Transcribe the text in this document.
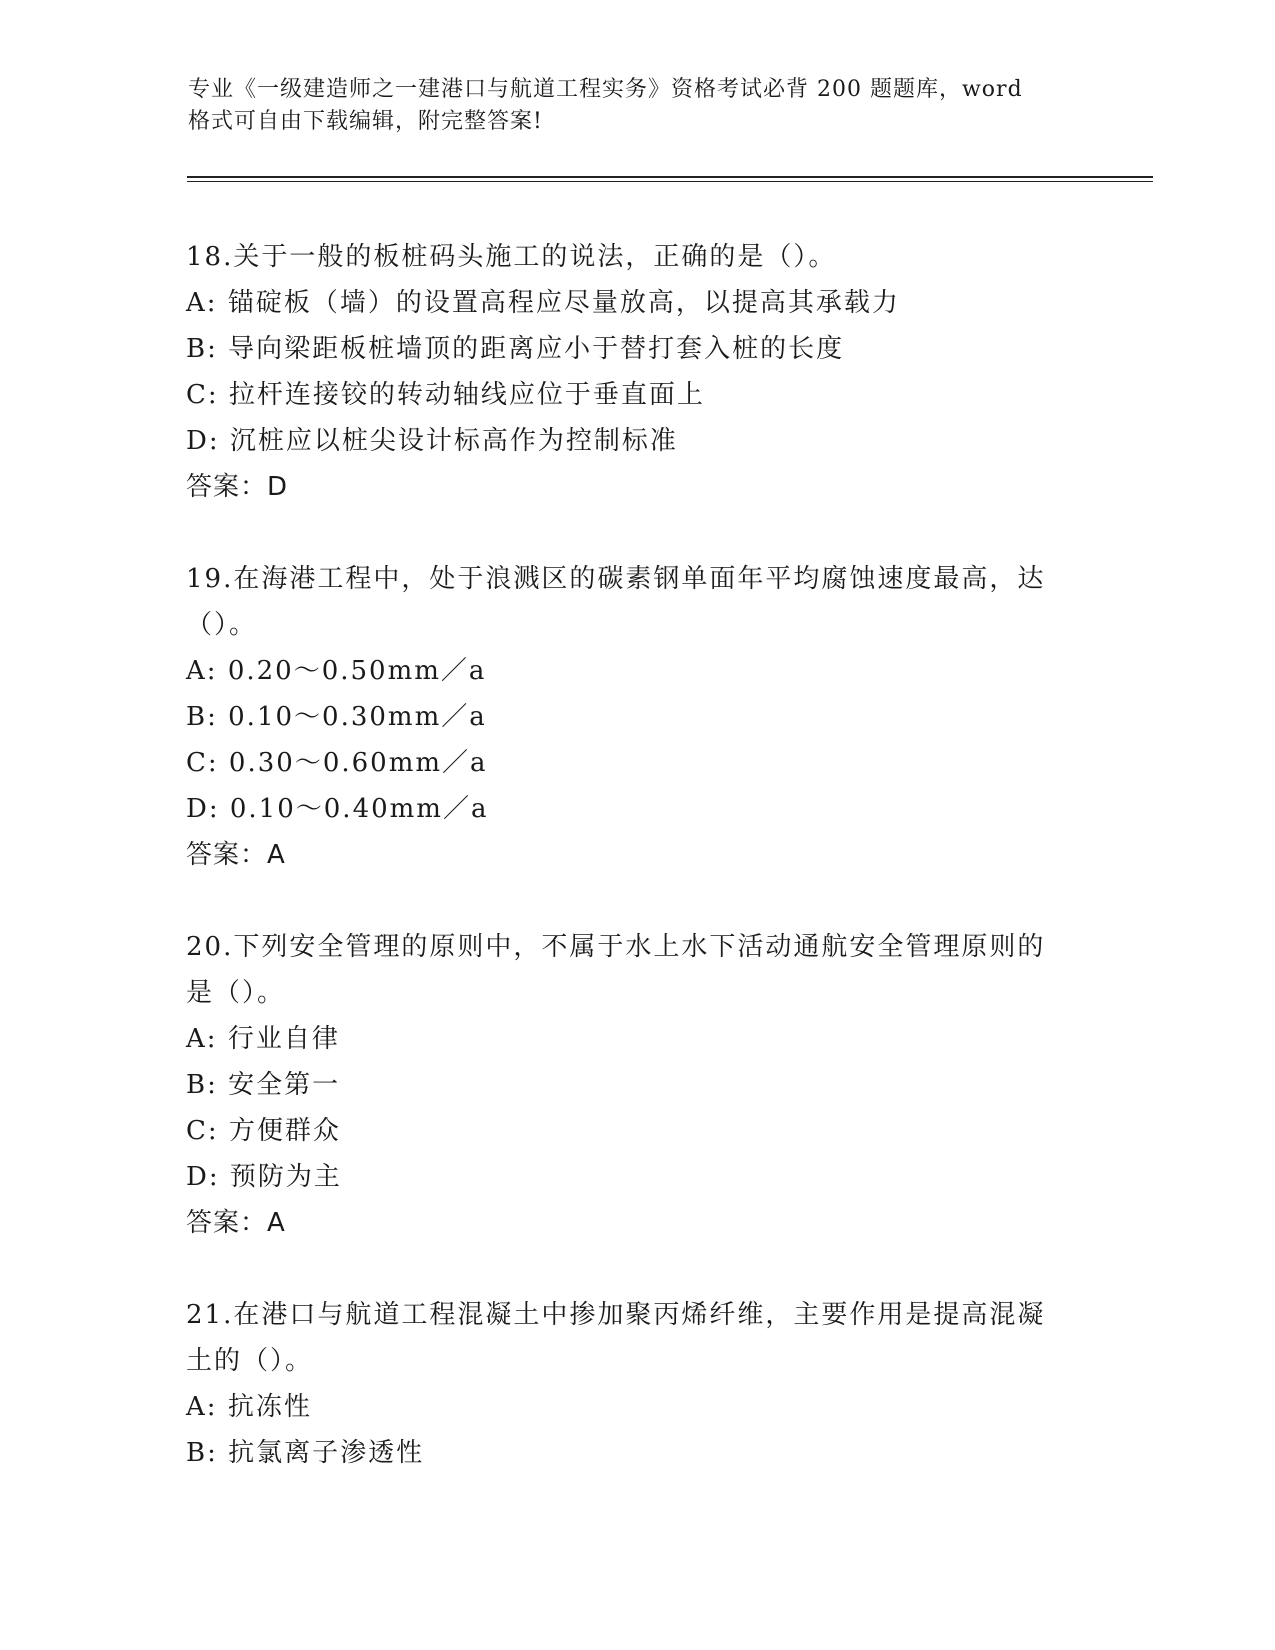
专业《一级建造师之一建港口与航道工程实务》资格考试必背 200 题题库，word
格式可自由下载编辑，附完整答案!
18.关于一般的板桩码头施工的说法，正确的是（）。
A: 锚碇板（墙）的设置高程应尽量放高，以提高其承载力
B: 导向梁距板桩墙顶的距离应小于替打套入桩的长度
C: 拉杆连接铰的转动轴线应位于垂直面上
D: 沉桩应以桩尖设计标高作为控制标准
答案：D
19.在海港工程中，处于浪溅区的碳素钢单面年平均腐蚀速度最高，达
（）。
A: 0.20～0.50mm／a
B: 0.10～0.30mm／a
C: 0.30～0.60mm／a
D: 0.10～0.40mm／a
答案：A
20.下列安全管理的原则中，不属于水上水下活动通航安全管理原则的
是（）。
A: 行业自律
B: 安全第一
C: 方便群众
D: 预防为主
答案：A
21.在港口与航道工程混凝土中掺加聚丙烯纤维，主要作用是提高混凝
土的（）。
A: 抗冻性
B: 抗氯离子渗透性
